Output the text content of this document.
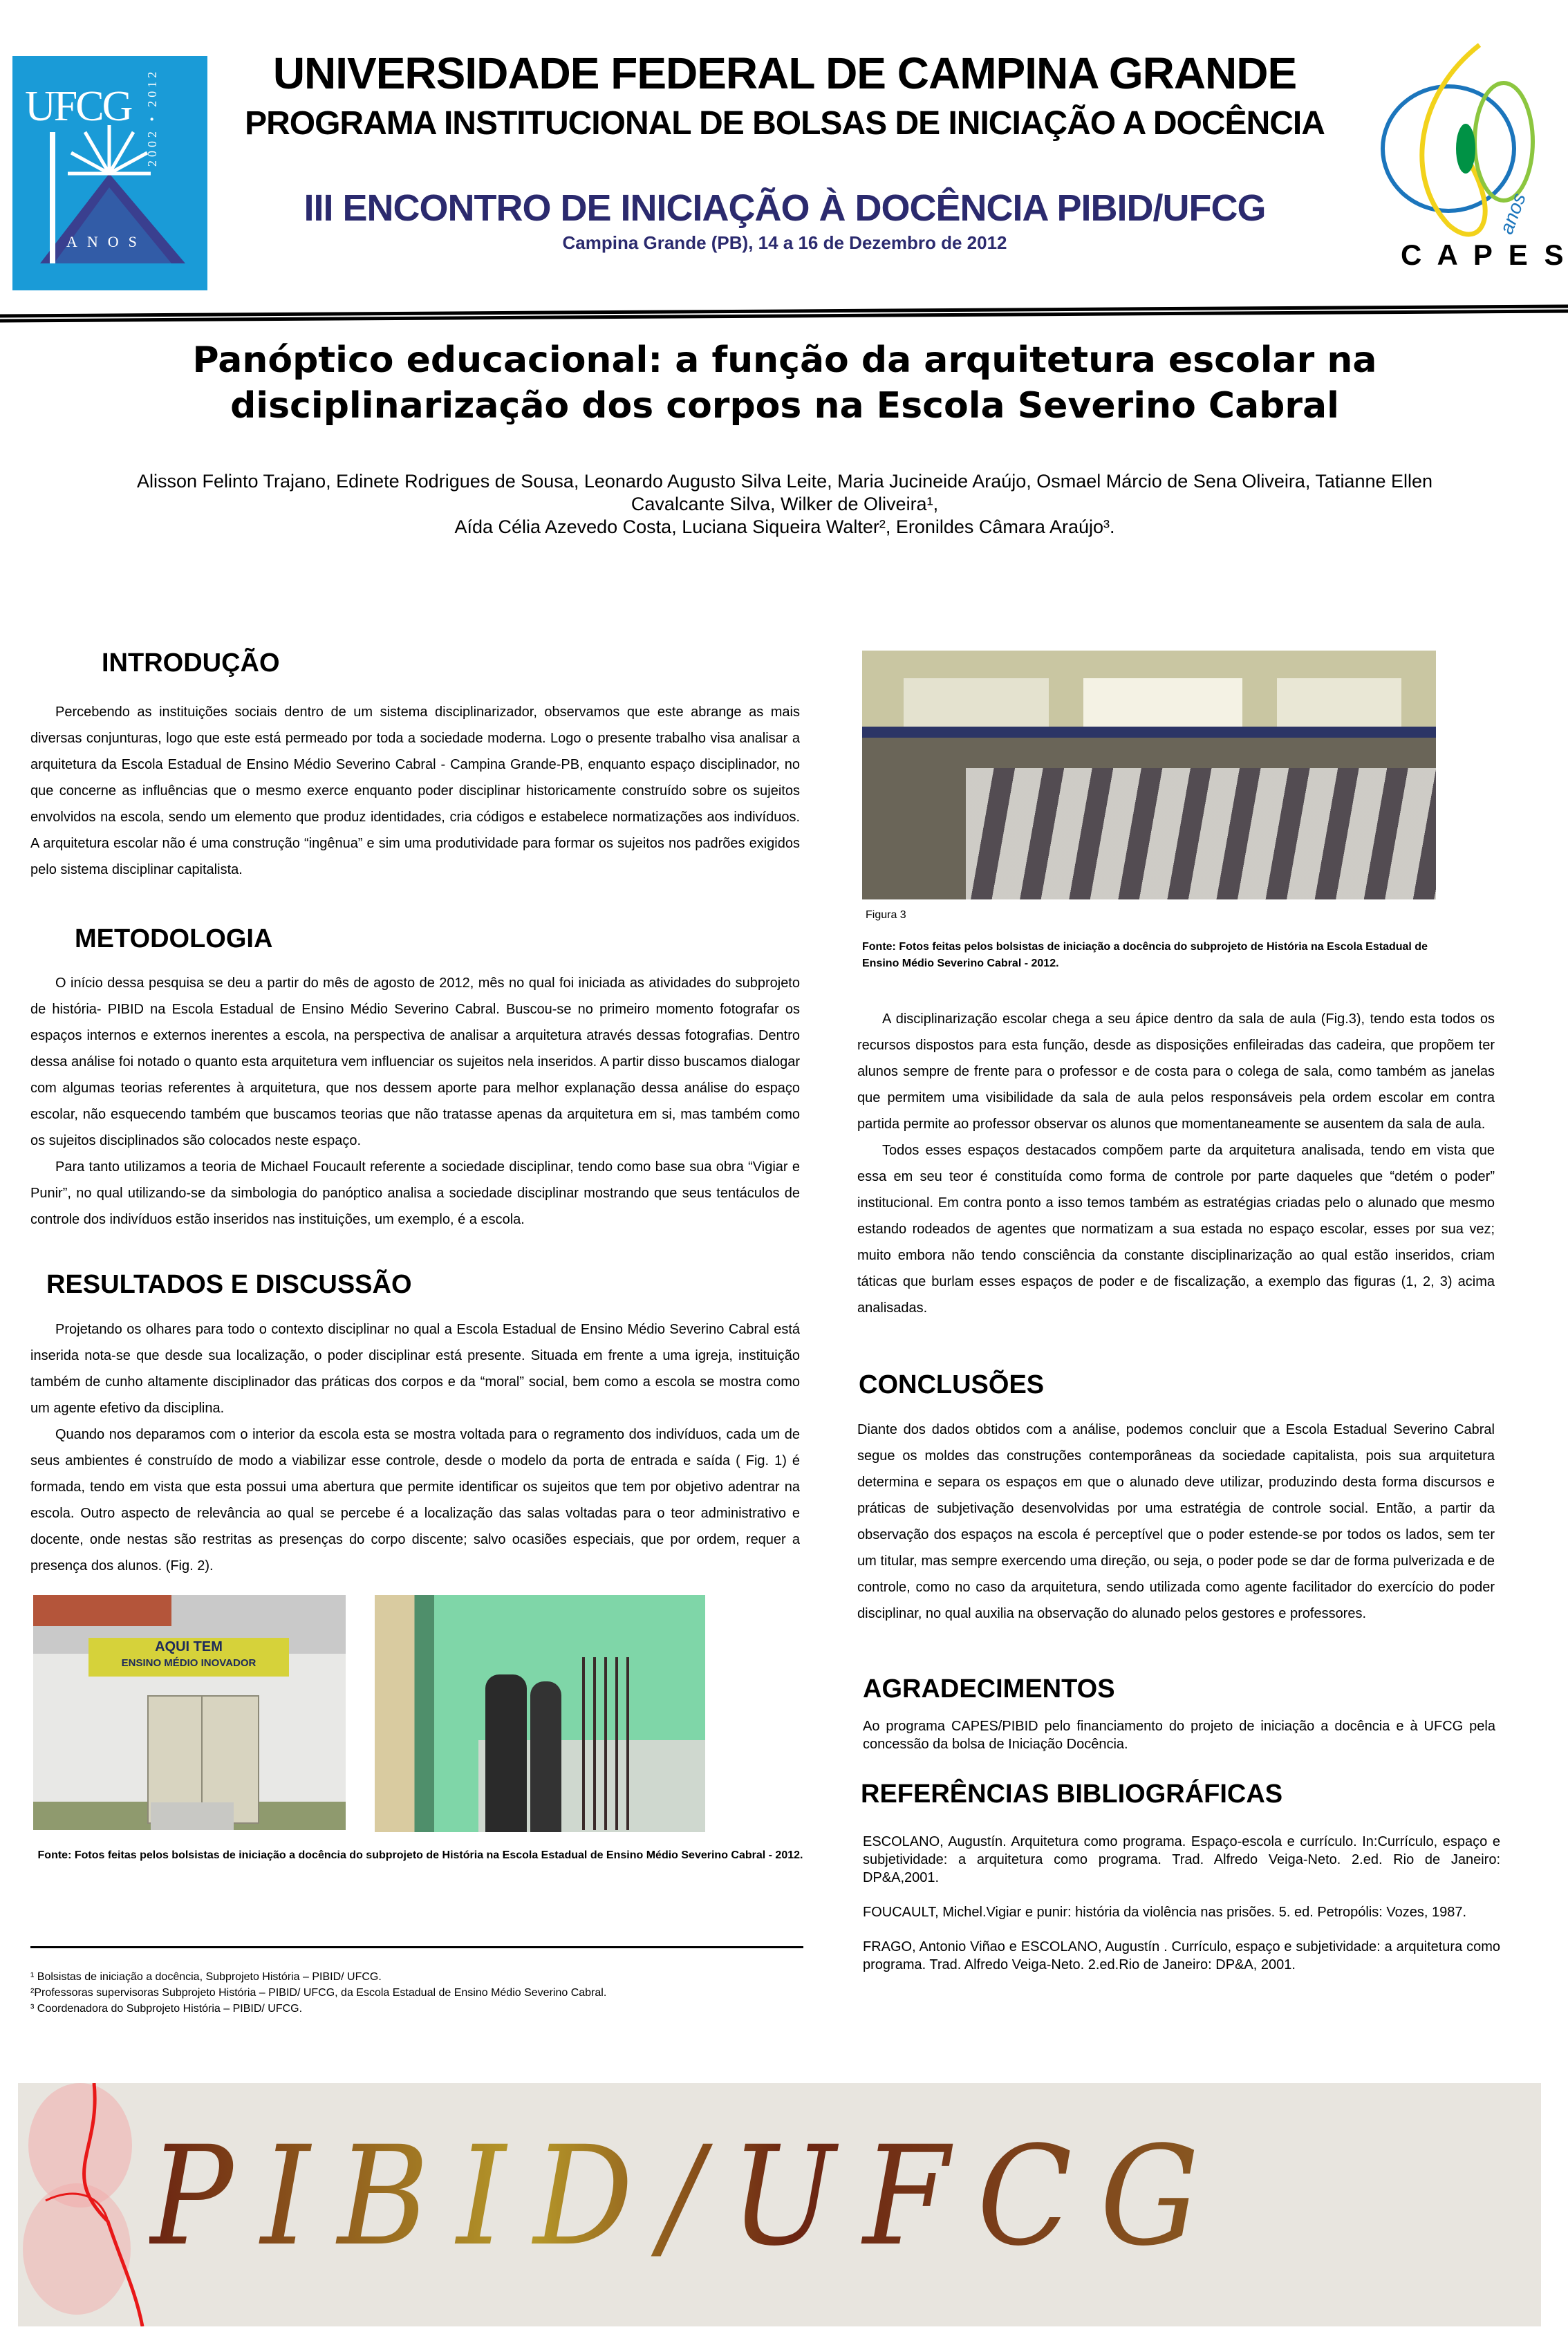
UFCG 2002 • 2012
ANOS
UNIVERSIDADE FEDERAL DE CAMPINA GRANDE
PROGRAMA INSTITUCIONAL DE BOLSAS DE INICIAÇÃO A DOCÊNCIA
III ENCONTRO DE INICIAÇÃO À DOCÊNCIA PIBID/UFCG
Campina Grande (PB), 14 a 16 de Dezembro de 2012
anos
C A P E S
Panóptico educacional: a função da arquitetura escolar na
disciplinarização dos corpos na Escola Severino Cabral
Alisson Felinto Trajano, Edinete Rodrigues de Sousa, Leonardo Augusto Silva Leite, Maria Jucineide Araújo, Osmael Márcio de Sena Oliveira, Tatianne Ellen Cavalcante Silva, Wilker de Oliveira¹,
Aída Célia Azevedo Costa, Luciana Siqueira Walter², Eronildes Câmara Araújo³.
INTRODUÇÃO

Percebendo as instituições sociais dentro de um sistema disciplinarizador, observamos que este abrange as mais diversas conjunturas, logo que este está permeado por toda a sociedade moderna. Logo o presente trabalho visa analisar a arquitetura da Escola Estadual de Ensino Médio Severino Cabral - Campina Grande-PB, enquanto espaço disciplinador, no que concerne as influências que o mesmo exerce enquanto poder disciplinar historicamente construído sobre os sujeitos envolvidos na escola, sendo um elemento que produz identidades, cria códigos e estabelece normatizações aos indivíduos. A arquitetura escolar não é uma construção “ingênua” e sim uma produtividade para formar os sujeitos nos padrões exigidos pelo sistema disciplinar capitalista.

METODOLOGIA

O início dessa pesquisa se deu a partir do mês de agosto de 2012, mês no qual foi iniciada as atividades do subprojeto de história- PIBID na Escola Estadual de Ensino Médio Severino Cabral. Buscou-se no primeiro momento fotografar os espaços internos e externos inerentes a escola, na perspectiva de analisar a arquitetura através dessas fotografias. Dentro dessa análise foi notado o quanto esta arquitetura vem influenciar os sujeitos nela inseridos. A partir disso buscamos dialogar com algumas teorias referentes à arquitetura, que nos dessem aporte para melhor explanação dessa análise do espaço escolar, não esquecendo também que buscamos teorias que não tratasse apenas da arquitetura em si, mas também como os sujeitos disciplinados são colocados neste espaço.

Para tanto utilizamos a teoria de Michael Foucault referente a sociedade disciplinar, tendo como base sua obra “Vigiar e Punir”, no qual utilizando-se da simbologia do panóptico analisa a sociedade disciplinar mostrando que seus tentáculos de controle dos indivíduos estão inseridos nas instituições, um exemplo, é a escola.

RESULTADOS E DISCUSSÃO

Projetando os olhares para todo o contexto disciplinar no qual a Escola Estadual de Ensino Médio Severino Cabral está inserida nota-se que desde sua localização, o poder disciplinar está presente. Situada em frente a uma igreja, instituição também de cunho altamente disciplinador das práticas dos corpos e da “moral” social, bem como a escola se mostra como um agente efetivo da disciplina.

Quando nos deparamos com o interior da escola esta se mostra voltada para o regramento dos indivíduos, cada um de seus ambientes é construído de modo a viabilizar esse controle, desde o modelo da porta de entrada e saída ( Fig. 1) é formada, tendo em vista que esta possui uma abertura que permite identificar os sujeitos que tem por objetivo adentrar na escola. Outro aspecto de relevância ao qual se percebe é a localização das salas voltadas para o teor administrativo e docente, onde nestas são restritas as presenças do corpo discente; salvo ocasiões especiais, que por ordem, requer a presença dos alunos. (Fig. 2).

AQUI TEM
ENSINO MÉDIO INOVADOR
Fonte: Fotos feitas pelos bolsistas de iniciação a docência do subprojeto de História na Escola Estadual de Ensino Médio Severino Cabral - 2012.

¹ Bolsistas de iniciação a docência, Subprojeto História – PIBID/ UFCG.

²Professoras supervisoras Subprojeto História – PIBID/ UFCG, da Escola Estadual de Ensino Médio Severino Cabral.

³ Coordenadora do Subprojeto História – PIBID/ UFCG.

Figura 3
Fonte: Fotos feitas pelos bolsistas de iniciação a docência do subprojeto de História na Escola Estadual de Ensino Médio Severino Cabral - 2012.

A disciplinarização escolar chega a seu ápice dentro da sala de aula (Fig.3), tendo esta todos os recursos dispostos para esta função, desde as disposições enfileiradas das cadeira, que propõem ter alunos sempre de frente para o professor e de costa para o colega de sala, como também as janelas que permitem uma visibilidade da sala de aula pelos responsáveis pela ordem escolar em contra partida permite ao professor observar os alunos que momentaneamente se ausentem da sala de aula.

Todos esses espaços destacados compõem parte da arquitetura analisada, tendo em vista que essa em seu teor é constituída como forma de controle por parte daqueles que “detém o poder” institucional. Em contra ponto a isso temos também as estratégias criadas pelo o alunado que mesmo estando rodeados de agentes que normatizam a sua estada no espaço escolar, esses por sua vez; muito embora não tendo consciência da constante disciplinarização ao qual estão inseridos, criam táticas que burlam esses espaços de poder e de fiscalização, a exemplo das figuras (1, 2, 3) acima analisadas.

CONCLUSÕES

Diante dos dados obtidos com a análise, podemos concluir que a Escola Estadual Severino Cabral segue os moldes das construções contemporâneas da sociedade capitalista, pois sua arquitetura determina e separa os espaços em que o alunado deve utilizar, produzindo desta forma discursos e práticas de subjetivação desenvolvidas por uma estratégia de controle social. Então, a partir da observação dos espaços na escola é perceptível que o poder estende-se por todos os lados, sem ter um titular, mas sempre exercendo uma direção, ou seja, o poder pode se dar de forma pulverizada e de controle, como no caso da arquitetura, sendo utilizada como agente facilitador do exercício do poder disciplinar, no qual auxilia na observação do alunado pelos gestores e professores.

AGRADECIMENTOS
Ao programa CAPES/PIBID pelo financiamento do projeto de iniciação a docência e à UFCG pela concessão da bolsa de Iniciação Docência.
REFERÊNCIAS BIBLIOGRÁFICAS

ESCOLANO, Augustín. Arquitetura como programa. Espaço-escola e currículo. In:Currículo, espaço e subjetividade: a arquitetura como programa. Trad. Alfredo Veiga-Neto. 2.ed. Rio de Janeiro: DP&A,2001.

FOUCAULT, Michel.Vigiar e punir: história da violência nas prisões. 5. ed. Petropólis: Vozes, 1987.

FRAGO, Antonio Viñao e ESCOLANO, Augustín . Currículo, espaço e subjetividade: a arquitetura como programa. Trad. Alfredo Veiga-Neto. 2.ed.Rio de Janeiro: DP&A, 2001.

PIBID/UFCG
